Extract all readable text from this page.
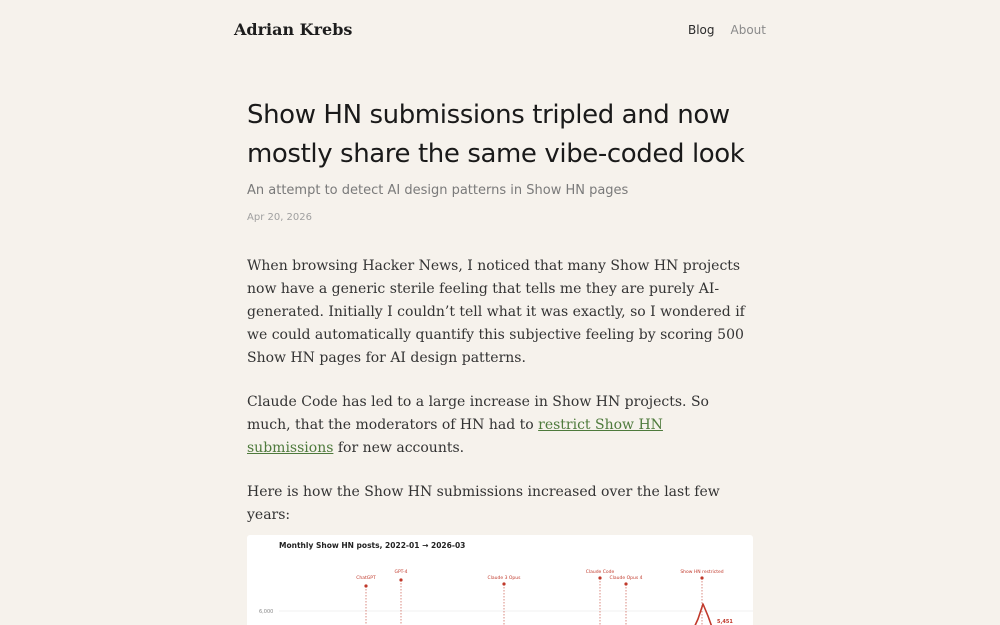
Adrian Krebs	Blog About
Show HN submissions tripled and now
mostly share the same vibe-coded look

An attempt to detect AI design patterns in Show HN pages

Apr 20, 2026

When browsing Hacker News, I noticed that many Show HN projects now have a generic sterile feeling that tells me they are purely AI-generated. Initially I couldn’t tell what it was exactly, so I wondered if we could automatically quantify this subjective feeling by scoring 500 Show HN pages for AI design patterns.

Claude Code has led to a large increase in Show HN projects. So much, that the moderators of HN had to restrict Show HN submissions for new accounts.

Here is how the Show HN submissions increased over the last few years:

Monthly Show HN posts, 2022-01 → 2026-03
6,000
ChatGPT
GPT-4
Claude 3 Opus
Claude Code
Claude Opus 4
Show HN restricted
5,451
